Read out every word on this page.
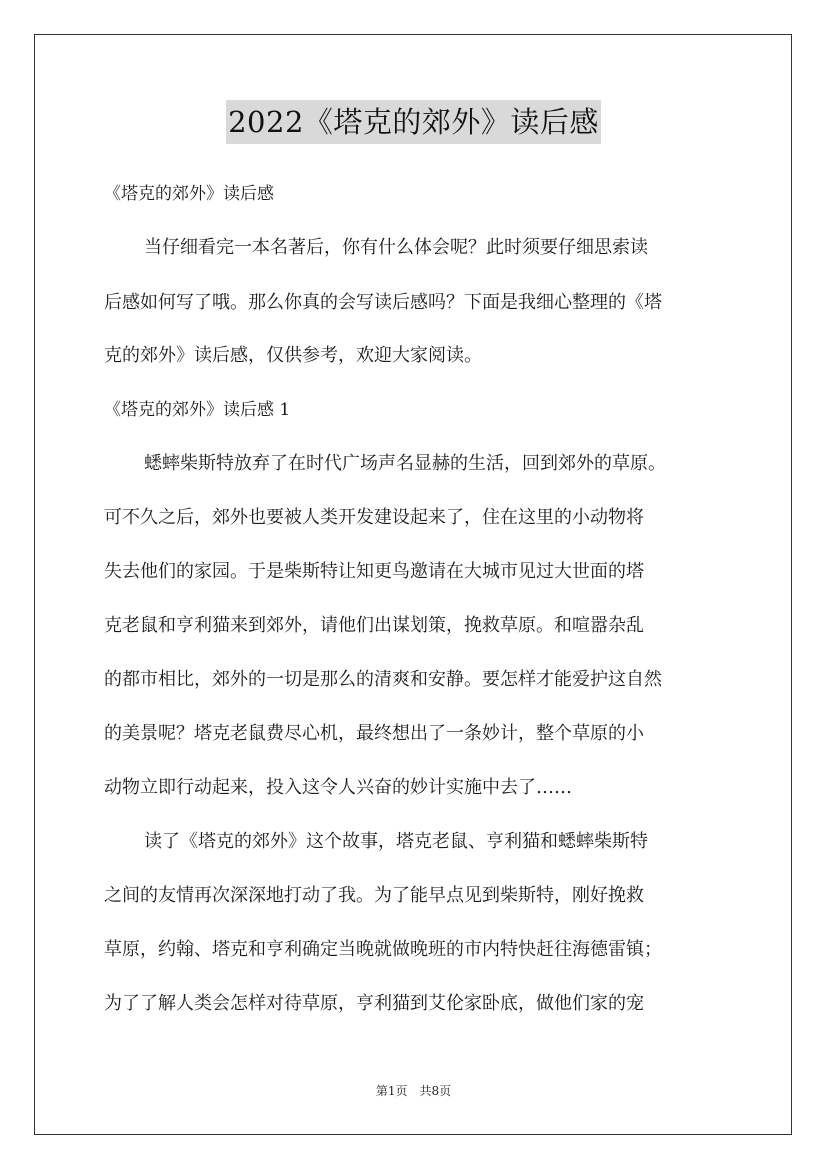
2022《塔克的郊外》读后感
《塔克的郊外》读后感
当仔细看完一本名著后，你有什么体会呢？此时须要仔细思索读
后感如何写了哦。那么你真的会写读后感吗？下面是我细心整理的《塔
克的郊外》读后感，仅供参考，欢迎大家阅读。
《塔克的郊外》读后感 1
蟋蟀柴斯特放弃了在时代广场声名显赫的生活，回到郊外的草原。
可不久之后，郊外也要被人类开发建设起来了，住在这里的小动物将
失去他们的家园。于是柴斯特让知更鸟邀请在大城市见过大世面的塔
克老鼠和亨利猫来到郊外，请他们出谋划策，挽救草原。和喧嚣杂乱
的都市相比，郊外的一切是那么的清爽和安静。要怎样才能爱护这自然
的美景呢？塔克老鼠费尽心机，最终想出了一条妙计，整个草原的小
动物立即行动起来，投入这令人兴奋的妙计实施中去了……
读了《塔克的郊外》这个故事，塔克老鼠、亨利猫和蟋蟀柴斯特
之间的友情再次深深地打动了我。为了能早点见到柴斯特，刚好挽救
草原，约翰、塔克和亨利确定当晚就做晚班的市内特快赶往海德雷镇；
为了了解人类会怎样对待草原，亨利猫到艾伦家卧底，做他们家的宠
第1页　共8页
